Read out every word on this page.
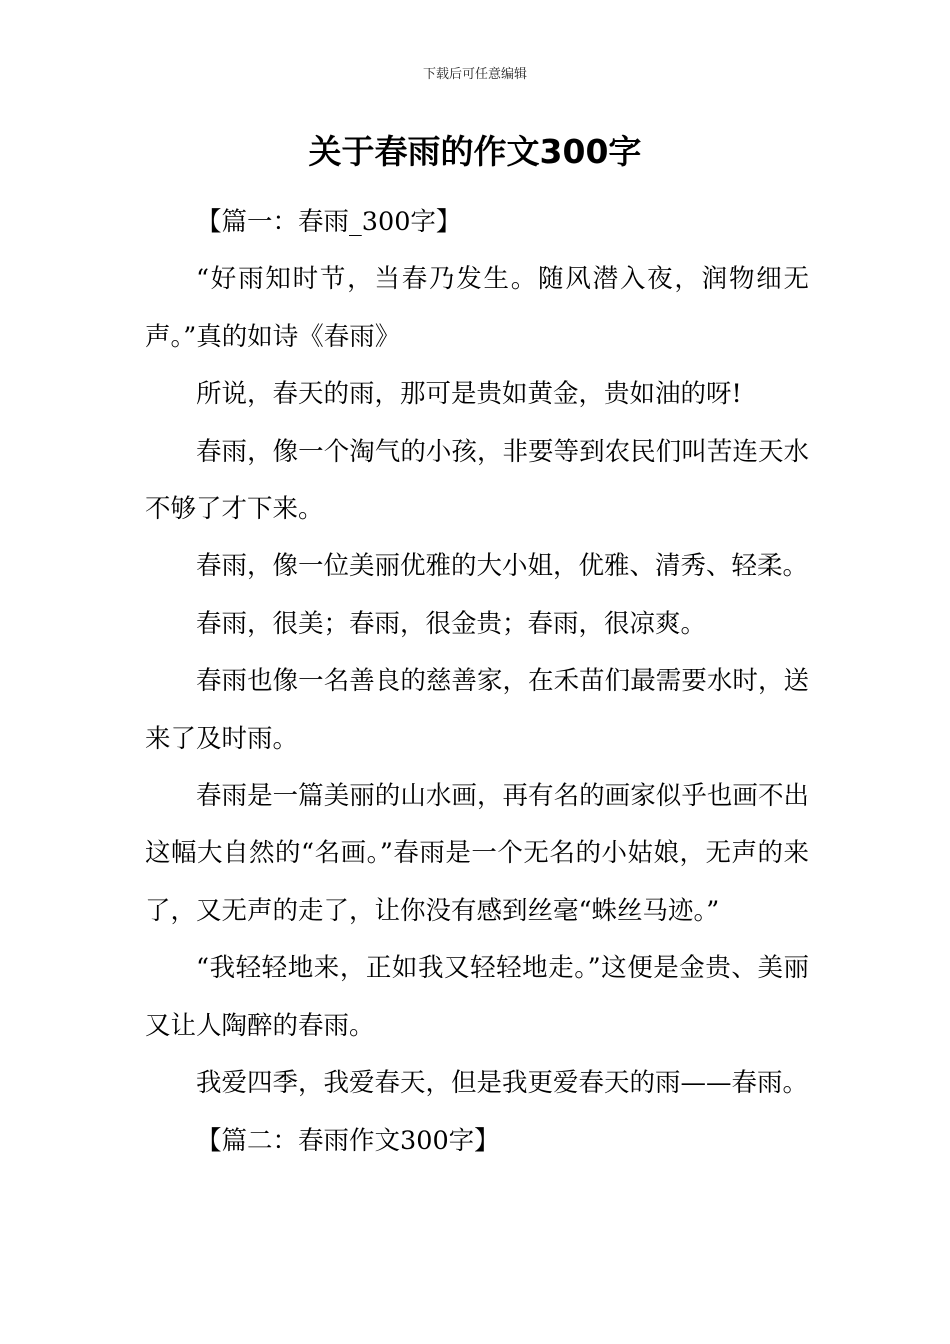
下载后可任意编辑
关于春雨的作文300字

【篇一：春雨_300字】

“好雨知时节，当春乃发生。随风潜入夜，润物细无声。”真的如诗《春雨》

所说，春天的雨，那可是贵如黄金，贵如油的呀!

春雨，像一个淘气的小孩，非要等到农民们叫苦连天水不够了才下来。

春雨，像一位美丽优雅的大小姐，优雅、清秀、轻柔。

春雨，很美；春雨，很金贵；春雨，很凉爽。

春雨也像一名善良的慈善家，在禾苗们最需要水时，送来了及时雨。

春雨是一篇美丽的山水画，再有名的画家似乎也画不出这幅大自然的“名画。”春雨是一个无名的小姑娘，无声的来了，又无声的走了，让你没有感到丝毫“蛛丝马迹。”

“我轻轻地来，正如我又轻轻地走。”这便是金贵、美丽又让人陶醉的春雨。

我爱四季，我爱春天，但是我更爱春天的雨——春雨。

【篇二：春雨作文300字】
